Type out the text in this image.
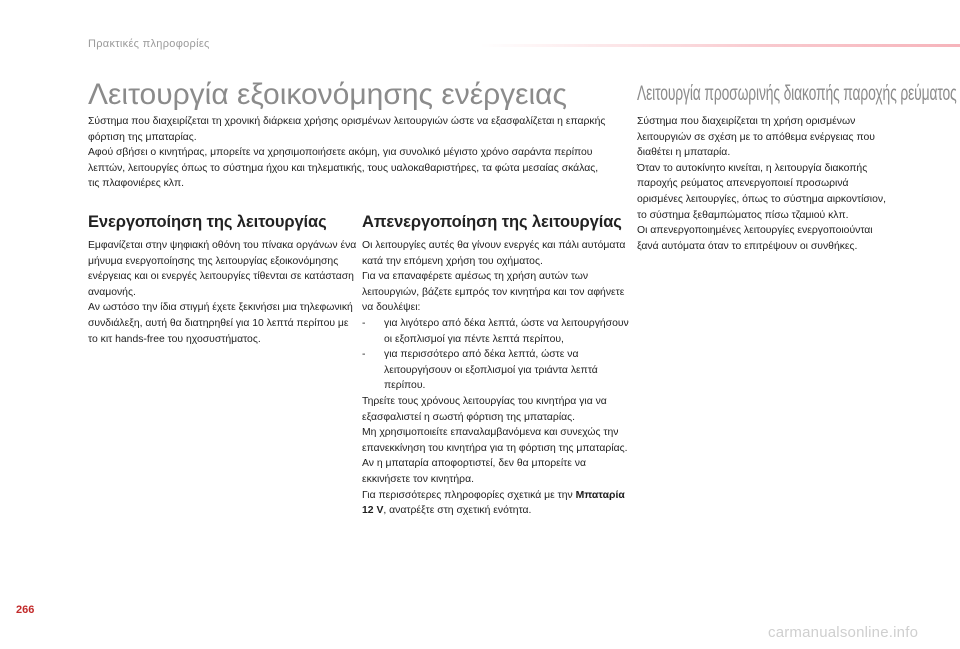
Πρακτικές πληροφορίες
Λειτουργία εξοικονόμησης ενέργειας

Σύστημα που διαχειρίζεται τη χρονική διάρκεια χρήσης ορισμένων λειτουργιών ώστε να εξασφαλίζεται η επαρκής φόρτιση της μπαταρίας.

Αφού σβήσει ο κινητήρας, μπορείτε να χρησιμοποιήσετε ακόμη, για συνολικό μέγιστο χρόνο σαράντα περίπου λεπτών, λειτουργίες όπως το σύστημα ήχου και τηλεματικής, τους υαλοκαθαριστήρες, τα φώτα μεσαίας σκάλας, τις πλαφονιέρες κλπ.

Ενεργοποίηση της λειτουργίας

Εμφανίζεται στην ψηφιακή οθόνη του πίνακα οργάνων ένα μήνυμα ενεργοποίησης της λειτουργίας εξοικονόμησης ενέργειας και οι ενεργές λειτουργίες τίθενται σε κατάσταση αναμονής.

Αν ωστόσο την ίδια στιγμή έχετε ξεκινήσει μια τηλεφωνική συνδιάλεξη, αυτή θα διατηρηθεί για 10 λεπτά περίπου με το κιτ hands-free του ηχοσυστήματος.

Απενεργοποίηση της λειτουργίας

Οι λειτουργίες αυτές θα γίνουν ενεργές και πάλι αυτόματα κατά την επόμενη χρήση του οχήματος.

Για να επαναφέρετε αμέσως τη χρήση αυτών των λειτουργιών, βάζετε εμπρός τον κινητήρα και τον αφήνετε να δουλέψει:

-	για λιγότερο από δέκα λεπτά, ώστε να λειτουργήσουν οι εξοπλισμοί για πέντε λεπτά περίπου,
-	για περισσότερο από δέκα λεπτά, ώστε να λειτουργήσουν οι εξοπλισμοί για τριάντα λεπτά περίπου.

Τηρείτε τους χρόνους λειτουργίας του κινητήρα για να εξασφαλιστεί η σωστή φόρτιση της μπαταρίας.

Μη χρησιμοποιείτε επαναλαμβανόμενα και συνεχώς την επανεκκίνηση του κινητήρα για τη φόρτιση της μπαταρίας.

Αν η μπαταρία αποφορτιστεί, δεν θα μπορείτε να εκκινήσετε τον κινητήρα.

Για περισσότερες πληροφορίες σχετικά με την Μπαταρία 12 V, ανατρέξτε στη σχετική ενότητα.

Λειτουργία προσωρινής διακοπής παροχής ρεύματος

Σύστημα που διαχειρίζεται τη χρήση ορισμένων λειτουργιών σε σχέση με το απόθεμα ενέργειας που διαθέτει η μπαταρία.

Όταν το αυτοκίνητο κινείται, η λειτουργία διακοπής παροχής ρεύματος απενεργοποιεί προσωρινά ορισμένες λειτουργίες, όπως το σύστημα αιρκοντίσιον, το σύστημα ξεθαμπώματος πίσω τζαμιού κλπ.

Οι απενεργοποιημένες λειτουργίες ενεργοποιούνται ξανά αυτόματα όταν το επιτρέψουν οι συνθήκες.

266
carmanualsonline.info
